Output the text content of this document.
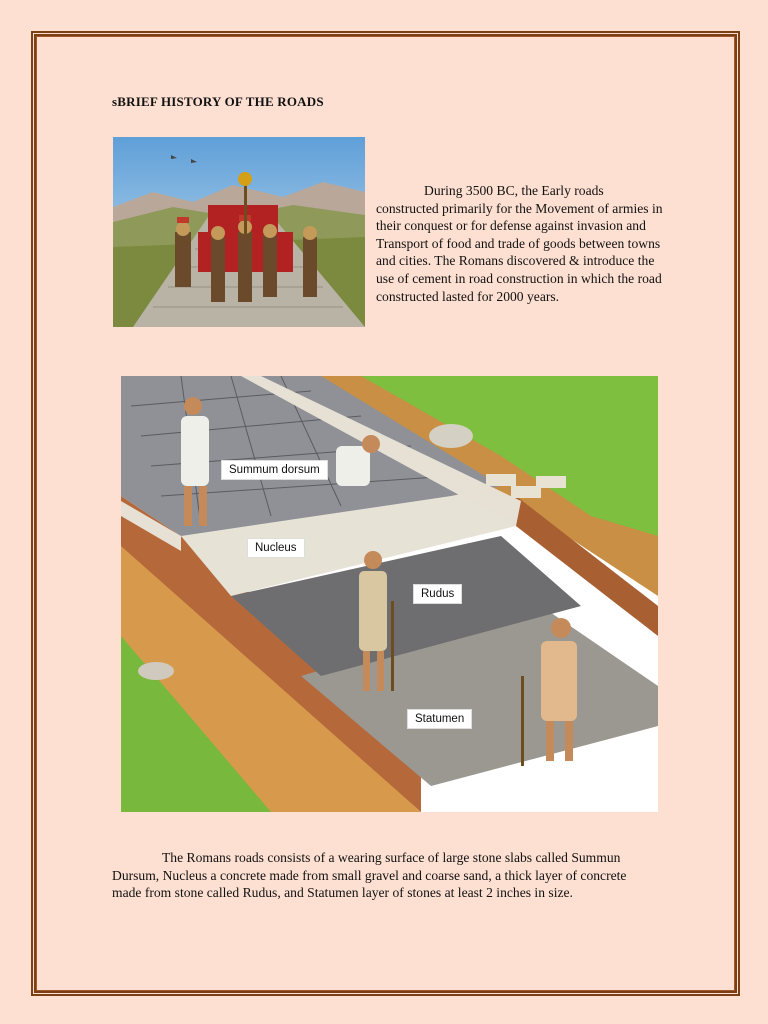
sBRIEF HISTORY OF THE ROADS
During 3500 BC, the Early roads constructed primarily for the Movement of armies in their conquest or for defense against invasion and Transport of food and trade of goods between towns and cities. The Romans discovered & introduce the use of cement in road construction in which the road constructed lasted for 2000 years.
Summum dorsum
Nucleus
Rudus
Statumen
The Romans roads consists of a wearing surface of large stone slabs called Summun Dursum, Nucleus a concrete made from small gravel and coarse sand, a thick layer of concrete made from stone called Rudus, and Statumen layer of stones at least 2 inches in size.
